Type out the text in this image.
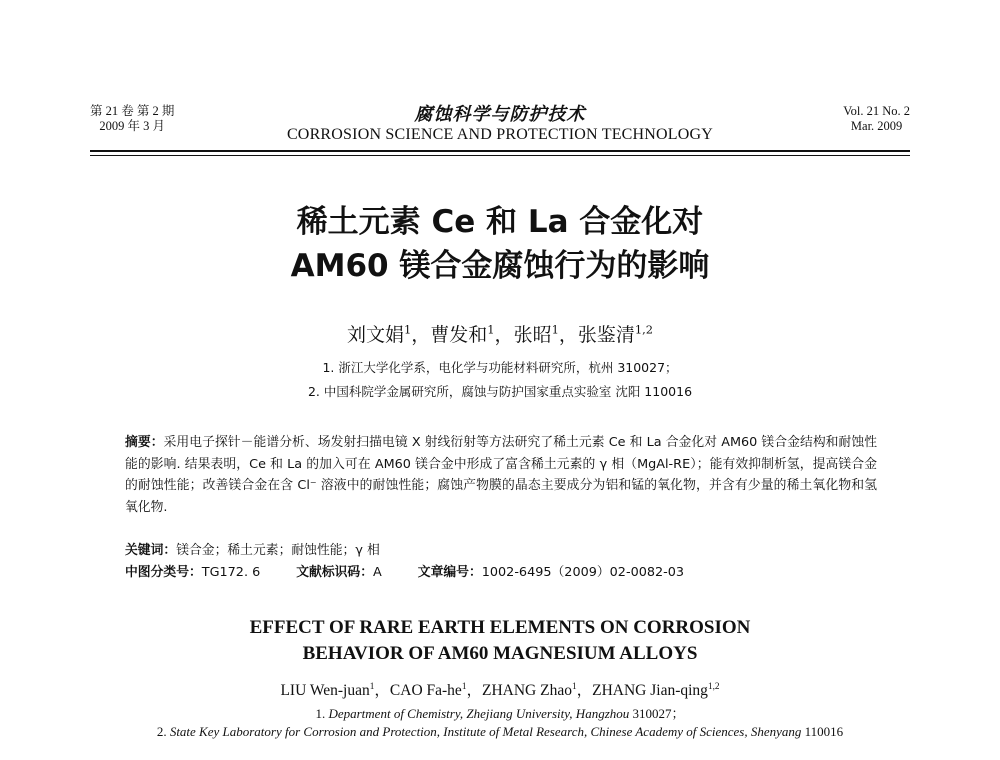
第 21 卷 第 2 期
2009 年 3 月
腐蚀科学与防护技术
CORROSION SCIENCE AND PROTECTION TECHNOLOGY
Vol. 21 No. 2
Mar. 2009
稀土元素 Ce 和 La 合金化对
AM60 镁合金腐蚀行为的影响
刘文娟$^1$，曹发和$^1$，张昭$^1$，张鉴清$^{1,2}$
1. 浙江大学化学系，电化学与功能材料研究所，杭州 310027；
2. 中国科院学金属研究所，腐蚀与防护国家重点实验室 沈阳 110016
摘要：采用电子探针－能谱分析、场发射扫描电镜 X 射线衍射等方法研究了稀土元素 Ce 和 La 合金化对 AM60 镁合金结构和耐蚀性能的影响. 结果表明，Ce 和 La 的加入可在 AM60 镁合金中形成了富含稀土元素的 γ 相（MgAl-RE）；能有效抑制析氢，提高镁合金的耐蚀性能；改善镁合金在含 Cl⁻ 溶液中的耐蚀性能；腐蚀产物膜的晶态主要成分为铝和锰的氧化物，并含有少量的稀土氧化物和氢氧化物.
关键词：镁合金；稀土元素；耐蚀性能；γ 相
中图分类号：TG172. 6	文献标识码：A	文章编号：1002-6495（2009）02-0082-03
EFFECT OF RARE EARTH ELEMENTS ON CORROSION
BEHAVIOR OF AM60 MAGNESIUM ALLOYS
LIU Wen-juan$^1$，CAO $Fa-he^1$，ZHANG Zhao$^1$，ZHANG Jian-qing$^{1,2}$
1. Department of Chemistry, Zhejiang University, Hangzhou 310027；
2. State Key Laboratory for Corrosion and Protection, Institute of Metal Research, Chinese Academy of Sciences, Shenyang 110016
